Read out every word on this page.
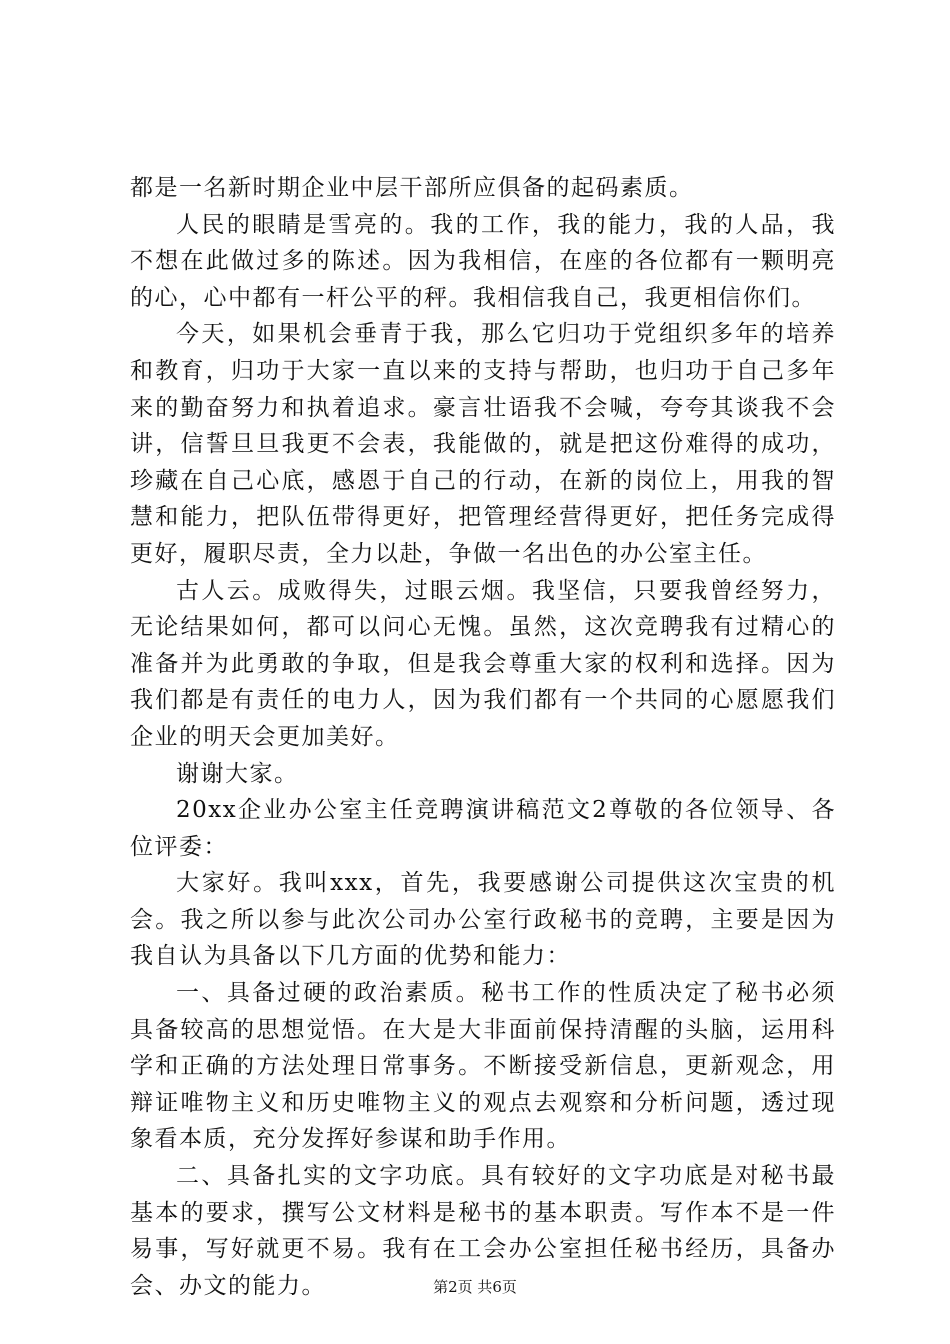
都是一名新时期企业中层干部所应俱备的起码素质。

人民的眼睛是雪亮的。我的工作，我的能力，我的人品，我不想在此做过多的陈述。因为我相信，在座的各位都有一颗明亮的心，心中都有一杆公平的秤。我相信我自己，我更相信你们。

今天，如果机会垂青于我，那么它归功于党组织多年的培养和教育，归功于大家一直以来的支持与帮助，也归功于自己多年来的勤奋努力和执着追求。豪言壮语我不会喊，夸夸其谈我不会讲，信誓旦旦我更不会表，我能做的，就是把这份难得的成功，珍藏在自己心底，感恩于自己的行动，在新的岗位上，用我的智慧和能力，把队伍带得更好，把管理经营得更好，把任务完成得更好，履职尽责，全力以赴，争做一名出色的办公室主任。

古人云。成败得失，过眼云烟。我坚信，只要我曾经努力，无论结果如何，都可以问心无愧。虽然，这次竞聘我有过精心的准备并为此勇敢的争取，但是我会尊重大家的权利和选择。因为我们都是有责任的电力人，因为我们都有一个共同的心愿愿我们企业的明天会更加美好。

谢谢大家。

20xx企业办公室主任竞聘演讲稿范文2尊敬的各位领导、各位评委：

大家好。我叫xxx，首先，我要感谢公司提供这次宝贵的机会。我之所以参与此次公司办公室行政秘书的竞聘，主要是因为我自认为具备以下几方面的优势和能力：

一、具备过硬的政治素质。秘书工作的性质决定了秘书必须具备较高的思想觉悟。在大是大非面前保持清醒的头脑，运用科学和正确的方法处理日常事务。不断接受新信息，更新观念，用辩证唯物主义和历史唯物主义的观点去观察和分析问题，透过现象看本质，充分发挥好参谋和助手作用。

二、具备扎实的文字功底。具有较好的文字功底是对秘书最基本的要求，撰写公文材料是秘书的基本职责。写作本不是一件易事，写好就更不易。我有在工会办公室担任秘书经历，具备办会、办文的能力。	第2页 共6页
